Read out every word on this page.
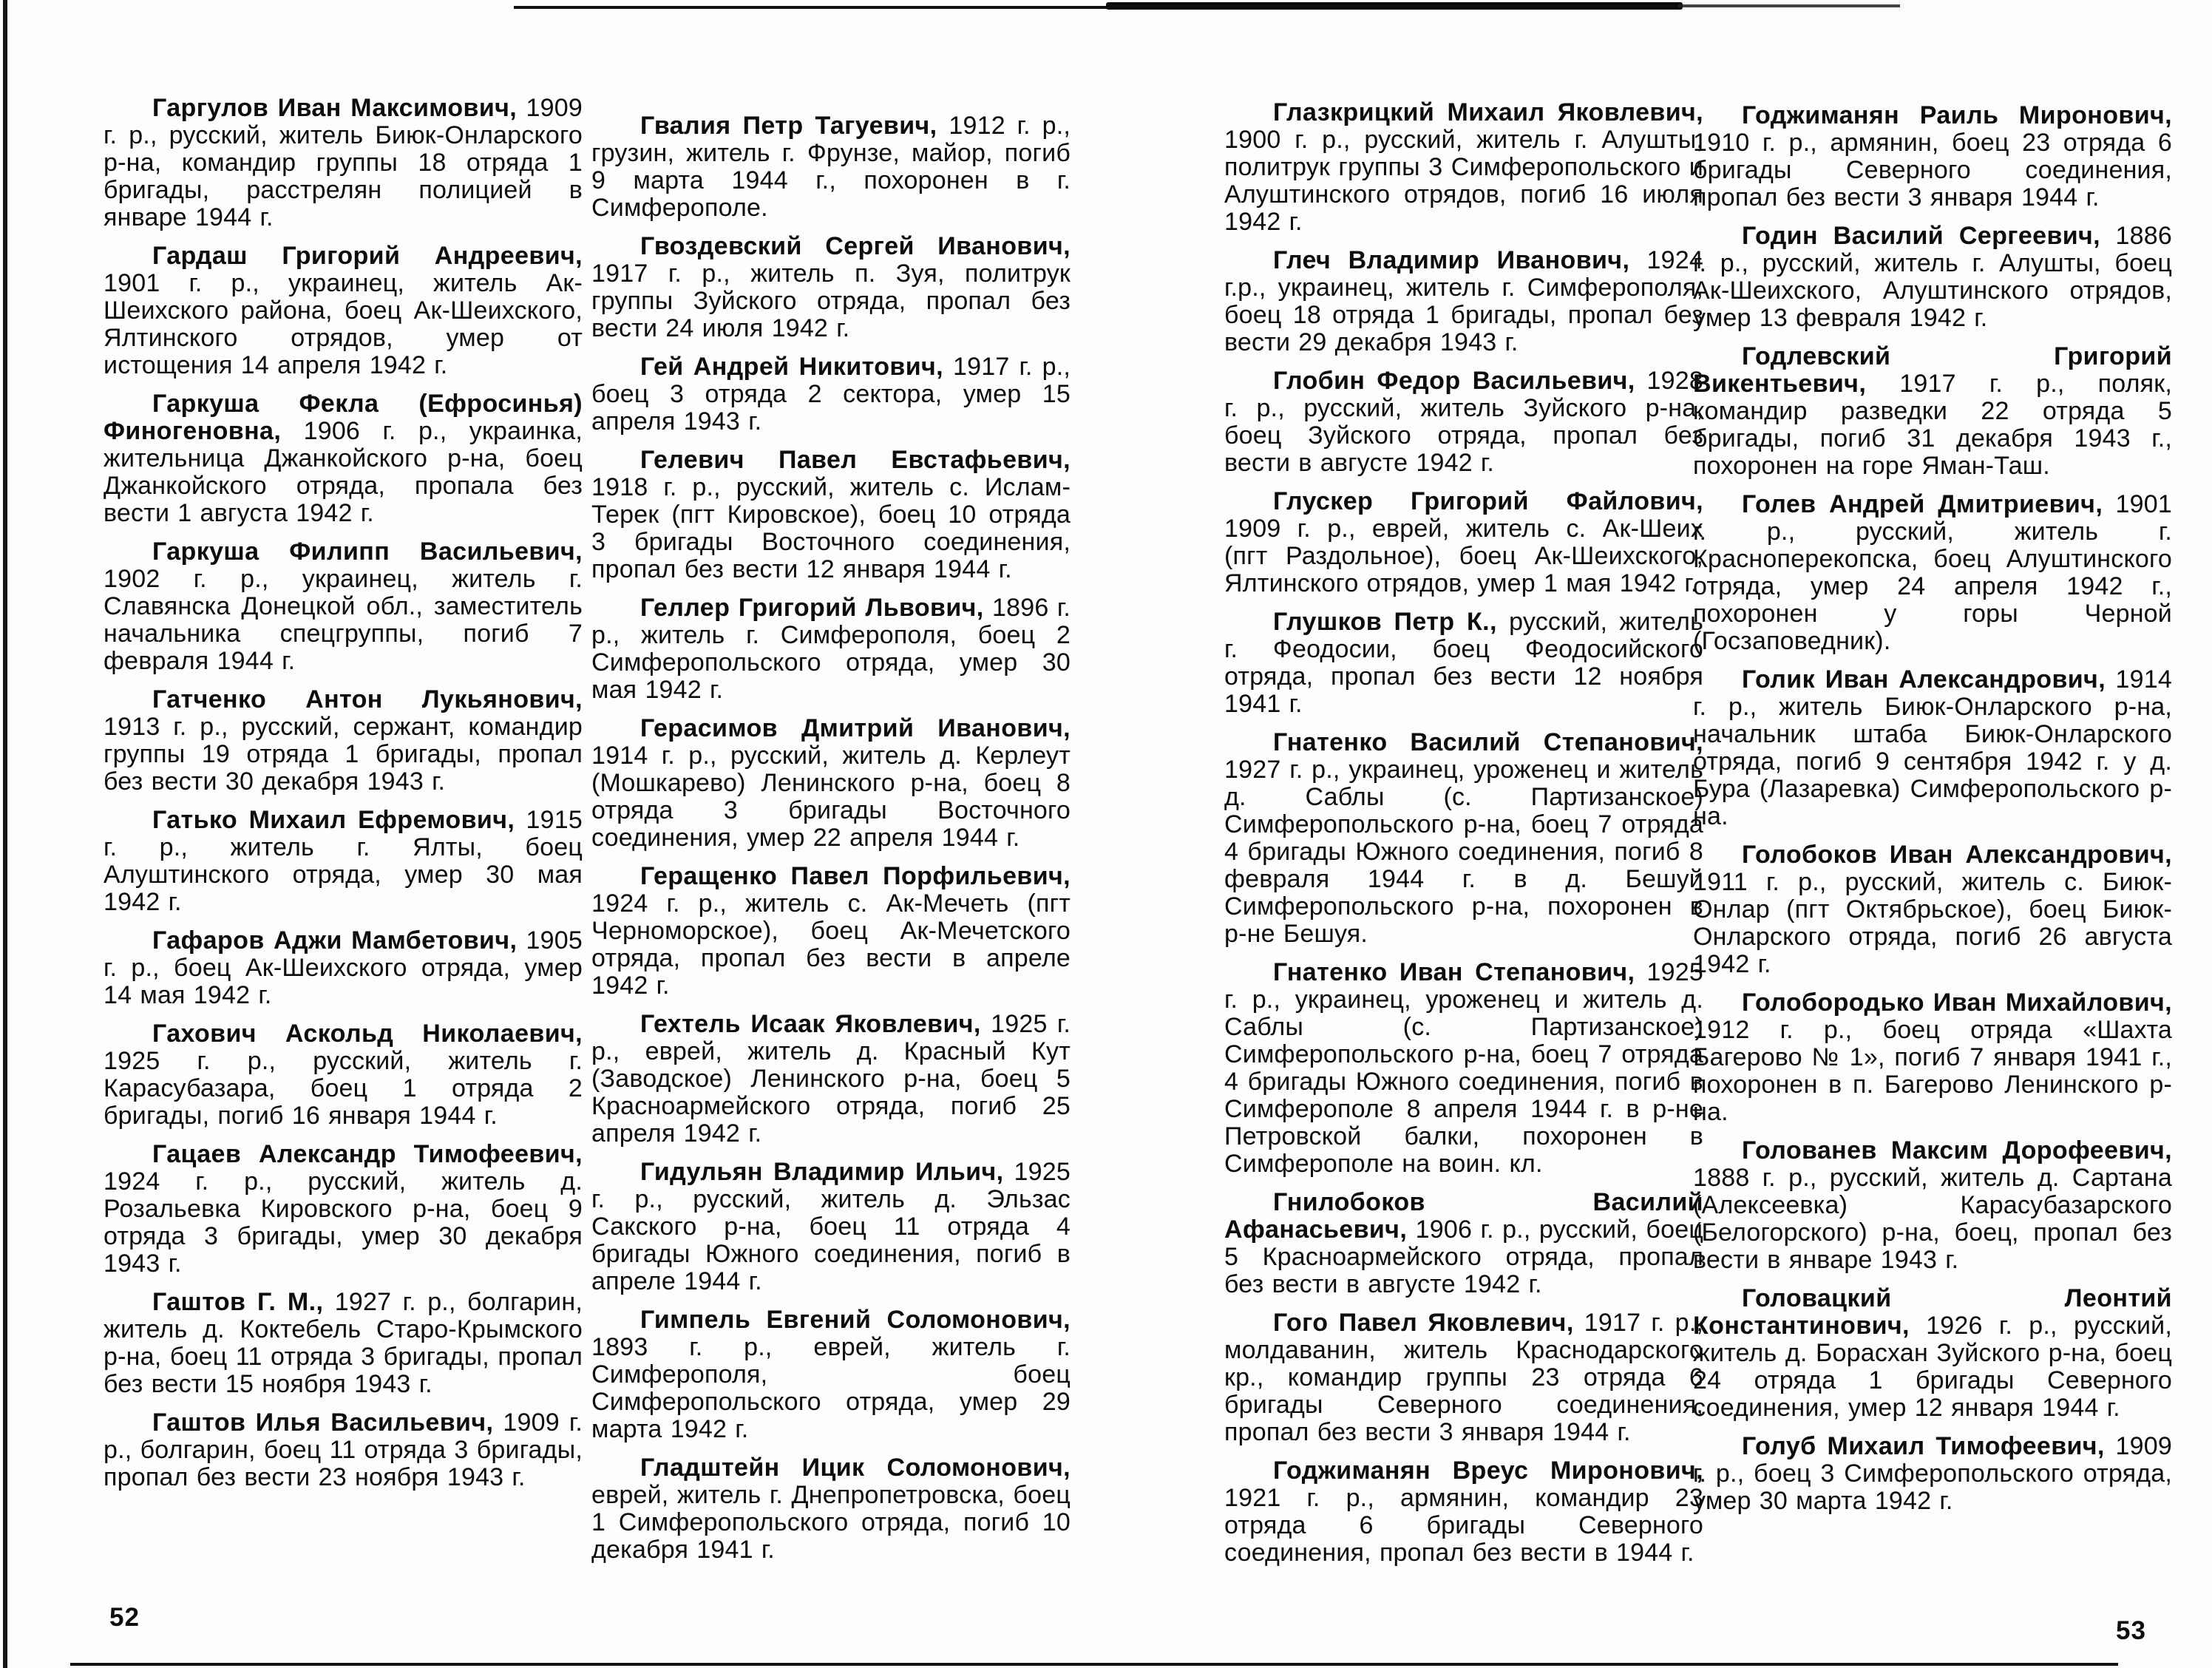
Гаргулов Иван Максимович, 1909 г. р., русский, житель Биюк-Онларского р-на, командир группы 18 отряда 1 бригады, расстрелян полицией в январе 1944 г.

Гардаш Григорий Андреевич, 1901 г. р., украинец, житель Ак-Шеихского района, боец Ак-Шеихского, Ялтинского отрядов, умер от истощения 14 апреля 1942 г.

Гаркуша Фекла (Ефросинья) Финогеновна, 1906 г. р., украинка, жительница Джанкойского р-на, боец Джанкойского отряда, пропала без вести 1 августа 1942 г.

Гаркуша Филипп Васильевич, 1902 г. р., украинец, житель г. Славянска Донецкой обл., заместитель начальника спецгруппы, погиб 7 февраля 1944 г.

Гатченко Антон Лукьянович, 1913 г. р., русский, сержант, командир группы 19 отряда 1 бригады, пропал без вести 30 декабря 1943 г.

Гатько Михаил Ефремович, 1915 г. р., житель г. Ялты, боец Алуштинского отряда, умер 30 мая 1942 г.

Гафаров Аджи Мамбетович, 1905 г. р., боец Ак-Шеихского отряда, умер 14 мая 1942 г.

Гахович Аскольд Николаевич, 1925 г. р., русский, житель г. Карасубазара, боец 1 отряда 2 бригады, погиб 16 января 1944 г.

Гацаев Александр Тимофеевич, 1924 г. р., русский, житель д. Розальевка Кировского р-на, боец 9 отряда 3 бригады, умер 30 декабря 1943 г.

Гаштов Г. М., 1927 г. р., болгарин, житель д. Коктебель Старо-Крымского р-на, боец 11 отряда 3 бригады, пропал без вести 15 ноября 1943 г.

Гаштов Илья Васильевич, 1909 г. р., болгарин, боец 11 отряда 3 бригады, пропал без вести 23 ноября 1943 г.

Гвалия Петр Тагуевич, 1912 г. р., грузин, житель г. Фрунзе, майор, погиб 9 марта 1944 г., похоронен в г. Симферополе.

Гвоздевский Сергей Иванович, 1917 г. р., житель п. Зуя, политрук группы Зуйского отряда, пропал без вести 24 июля 1942 г.

Гей Андрей Никитович, 1917 г. р., боец 3 отряда 2 сектора, умер 15 апреля 1943 г.

Гелевич Павел Евстафьевич, 1918 г. р., русский, житель с. Ислам-Терек (пгт Кировское), боец 10 отряда 3 бригады Восточного соединения, пропал без вести 12 января 1944 г.

Геллер Григорий Львович, 1896 г. р., житель г. Симферополя, боец 2 Симферопольского отряда, умер 30 мая 1942 г.

Герасимов Дмитрий Иванович, 1914 г. р., русский, житель д. Керлеут (Мошкарево) Ленинского р-на, боец 8 отряда 3 бригады Восточного соединения, умер 22 апреля 1944 г.

Геращенко Павел Порфильевич, 1924 г. р., житель с. Ак-Мечеть (пгт Черноморское), боец Ак-Мечетского отряда, пропал без вести в апреле 1942 г.

Гехтель Исаак Яковлевич, 1925 г. р., еврей, житель д. Красный Кут (Заводское) Ленинского р-на, боец 5 Красноармейского отряда, погиб 25 апреля 1942 г.

Гидульян Владимир Ильич, 1925 г. р., русский, житель д. Эльзас Сакского р-на, боец 11 отряда 4 бригады Южного соединения, погиб в апреле 1944 г.

Гимпель Евгений Соломонович, 1893 г. р., еврей, житель г. Симферополя, боец Симферопольского отряда, умер 29 марта 1942 г.

Гладштейн Ицик Соломонович, еврей, житель г. Днепропетровска, боец 1 Симферопольского отряда, погиб 10 декабря 1941 г.

52

Глазкрицкий Михаил Яковлевич, 1900 г. р., русский, житель г. Алушты, политрук группы 3 Симферопольского и Алуштинского отрядов, погиб 16 июля 1942 г.

Глеч Владимир Иванович, 1924 г.р., украинец, житель г. Симферополя, боец 18 отряда 1 бригады, пропал без вести 29 декабря 1943 г.

Глобин Федор Васильевич, 1928 г. р., русский, житель Зуйского р-на, боец Зуйского отряда, пропал без вести в августе 1942 г.

Глускер Григорий Файлович, 1909 г. р., еврей, житель с. Ак-Шеих (пгт Раздольное), боец Ак-Шеихского, Ялтинского отрядов, умер 1 мая 1942 г.

Глушков Петр К., русский, житель г. Феодосии, боец Феодосийского отряда, пропал без вести 12 ноября 1941 г.

Гнатенко Василий Степанович, 1927 г. р., украинец, уроженец и житель д. Саблы (с. Партизанское) Симферопольского р-на, боец 7 отряда 4 бригады Южного соединения, погиб 8 февраля 1944 г. в д. Бешуй Симферопольского р-на, похоронен в р-не Бешуя.

Гнатенко Иван Степанович, 1925 г. р., украинец, уроженец и житель д. Саблы (с. Партизанское) Симферопольского р-на, боец 7 отряда 4 бригады Южного соединения, погиб в Симферополе 8 апреля 1944 г. в р-не Петровской балки, похоронен в Симферополе на воин. кл.

Гнилобоков Василий Афанасьевич, 1906 г. р., русский, боец 5 Красноармейского отряда, пропал без вести в августе 1942 г.

Гого Павел Яковлевич, 1917 г. р., молдаванин, житель Краснодарского кр., командир группы 23 отряда 6 бригады Северного соединения, пропал без вести 3 января 1944 г.

Годжиманян Вреус Миронович, 1921 г. р., армянин, командир 23 отряда 6 бригады Северного соединения, пропал без вести в 1944 г.

Годжиманян Раиль Миронович, 1910 г. р., армянин, боец 23 отряда 6 бригады Северного соединения, пропал без вести 3 января 1944 г.

Годин Василий Сергеевич, 1886 г. р., русский, житель г. Алушты, боец Ак-Шеихского, Алуштинского отрядов, умер 13 февраля 1942 г.

Годлевский Григорий Викентьевич, 1917 г. р., поляк, командир разведки 22 отряда 5 бригады, погиб 31 декабря 1943 г., похоронен на горе Яман-Таш.

Голев Андрей Дмитриевич, 1901 г. р., русский, житель г. Красноперекопска, боец Алуштинского отряда, умер 24 апреля 1942 г., похоронен у горы Черной (Госзаповедник).

Голик Иван Александрович, 1914 г. р., житель Биюк-Онларского р-на, начальник штаба Биюк-Онларского отряда, погиб 9 сентября 1942 г. у д. Бура (Лазаревка) Симферопольского р-на.

Голобоков Иван Александрович, 1911 г. р., русский, житель с. Биюк-Онлар (пгт Октябрьское), боец Биюк-Онларского отряда, погиб 26 августа 1942 г.

Голобородько Иван Михайлович, 1912 г. р., боец отряда «Шахта Багерово № 1», погиб 7 января 1941 г., похоронен в п. Багерово Ленинского р-на.

Голованев Максим Дорофеевич, 1888 г. р., русский, житель д. Сартана (Алексеевка) Карасубазарского (Белогорского) р-на, боец, пропал без вести в январе 1943 г.

Головацкий Леонтий Константинович, 1926 г. р., русский, житель д. Борасхан Зуйского р-на, боец 24 отряда 1 бригады Северного соединения, умер 12 января 1944 г.

Голуб Михаил Тимофеевич, 1909 г. р., боец 3 Симферопольского отряда, умер 30 марта 1942 г.

53
